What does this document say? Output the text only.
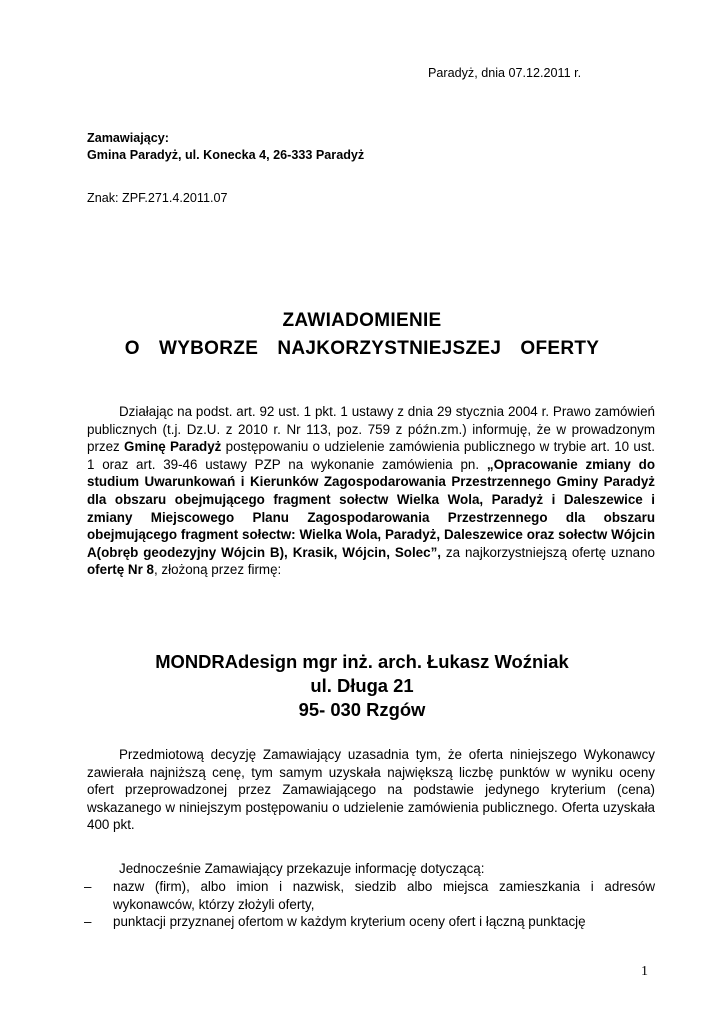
Paradyż, dnia 07.12.2011 r.
Zamawiający:
Gmina Paradyż, ul. Konecka 4, 26-333 Paradyż
Znak: ZPF.271.4.2011.07
ZAWIADOMIENIE
O  WYBORZE  NAJKORZYSTNIEJSZEJ  OFERTY
Działając na podst. art. 92 ust. 1 pkt. 1 ustawy z dnia 29 stycznia 2004 r. Prawo zamówień publicznych (t.j. Dz.U. z 2010 r. Nr 113, poz. 759 z późn.zm.) informuję, że w prowadzonym przez Gminę Paradyż postępowaniu o udzielenie zamówienia publicznego w trybie art. 10 ust. 1 oraz art. 39-46 ustawy PZP na wykonanie zamówienia pn. „Opracowanie zmiany do studium Uwarunkowań i Kierunków Zagospodarowania Przestrzennego Gminy Paradyż dla obszaru obejmującego fragment sołectw Wielka Wola, Paradyż i Daleszewice i zmiany Miejscowego Planu Zagospodarowania Przestrzennego dla obszaru obejmującego fragment sołectw: Wielka Wola, Paradyż, Daleszewice oraz sołectw Wójcin A(obręb geodezyjny Wójcin B), Krasik, Wójcin, Solec”, za najkorzystniejszą ofertę uznano ofertę Nr 8, złożoną przez firmę:
MONDRAdesign mgr inż. arch. Łukasz Woźniak
ul. Długa 21
95- 030 Rzgów
Przedmiotową decyzję Zamawiający uzasadnia tym, że oferta niniejszego Wykonawcy zawierała najniższą cenę, tym samym uzyskała największą liczbę punktów w wyniku oceny ofert przeprowadzonej przez Zamawiającego na podstawie jedynego kryterium (cena) wskazanego w niniejszym postępowaniu o udzielenie zamówienia publicznego. Oferta uzyskała 400 pkt.
Jednocześnie Zamawiający przekazuje informację dotyczącą:
– nazw (firm), albo imion i nazwisk, siedzib albo miejsca zamieszkania i adresów wykonawców, którzy złożyli oferty,
– punktacji przyznanej ofertom w każdym kryterium oceny ofert i łączną punktację
1
